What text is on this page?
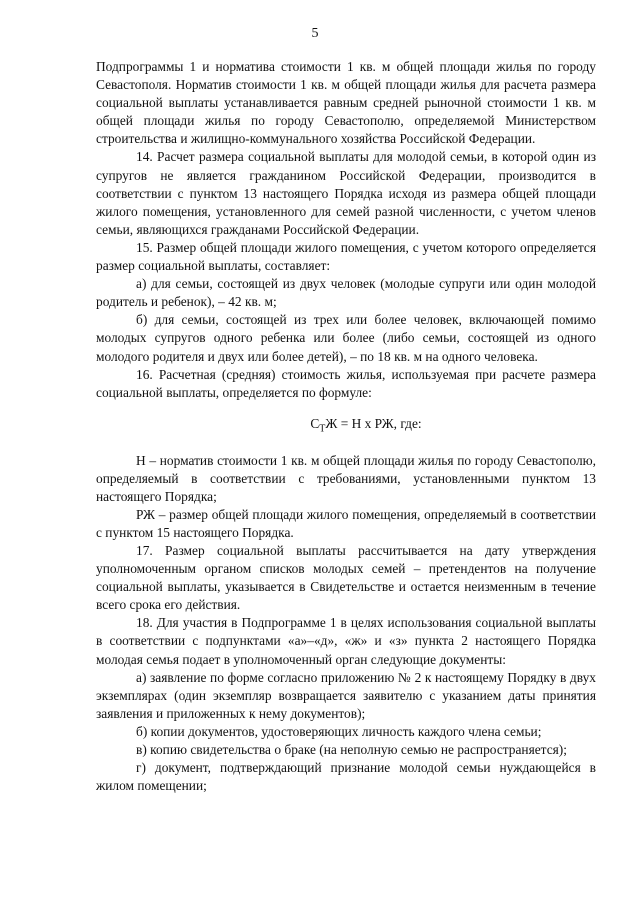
5

Подпрограммы 1 и норматива стоимости 1 кв. м общей площади жилья по городу Севастополя. Норматив стоимости 1 кв. м общей площади жилья для расчета размера социальной выплаты устанавливается равным средней рыночной стоимости 1 кв. м общей площади жилья по городу Севастополю, определяемой Министерством строительства и жилищно-коммунального хозяйства Российской Федерации.

14. Расчет размера социальной выплаты для молодой семьи, в которой один из супругов не является гражданином Российской Федерации, производится в соответствии с пунктом 13 настоящего Порядка исходя из размера общей площади жилого помещения, установленного для семей разной численности, с учетом членов семьи, являющихся гражданами Российской Федерации.

15. Размер общей площади жилого помещения, с учетом которого определяется размер социальной выплаты, составляет:

а) для семьи, состоящей из двух человек (молодые супруги или один молодой родитель и ребенок), – 42 кв. м;

б) для семьи, состоящей из трех или более человек, включающей помимо молодых супругов одного ребенка или более (либо семьи, состоящей из одного молодого родителя и двух или более детей), – по 18 кв. м на одного человека.

16. Расчетная (средняя) стоимость жилья, используемая при расчете размера социальной выплаты, определяется по формуле:

$С_ТЖ = Н$ х РЖ, где:

Н – норматив стоимости 1 кв. м общей площади жилья по городу Севастополю, определяемый в соответствии с требованиями, установленными пунктом 13 настоящего Порядка;

РЖ – размер общей площади жилого помещения, определяемый в соответствии с пунктом 15 настоящего Порядка.

17. Размер социальной выплаты рассчитывается на дату утверждения уполномоченным органом списков молодых семей – претендентов на получение социальной выплаты, указывается в Свидетельстве и остается неизменным в течение всего срока его действия.

18. Для участия в Подпрограмме 1 в целях использования социальной выплаты в соответствии с подпунктами «а»–«д», «ж» и «з» пункта 2 настоящего Порядка молодая семья подает в уполномоченный орган следующие документы:

а) заявление по форме согласно приложению № 2 к настоящему Порядку в двух экземплярах (один экземпляр возвращается заявителю с указанием даты принятия заявления и приложенных к нему документов);

б) копии документов, удостоверяющих личность каждого члена семьи;

в) копию свидетельства о браке (на неполную семью не распространяется);

г) документ, подтверждающий признание молодой семьи нуждающейся в жилом помещении;
